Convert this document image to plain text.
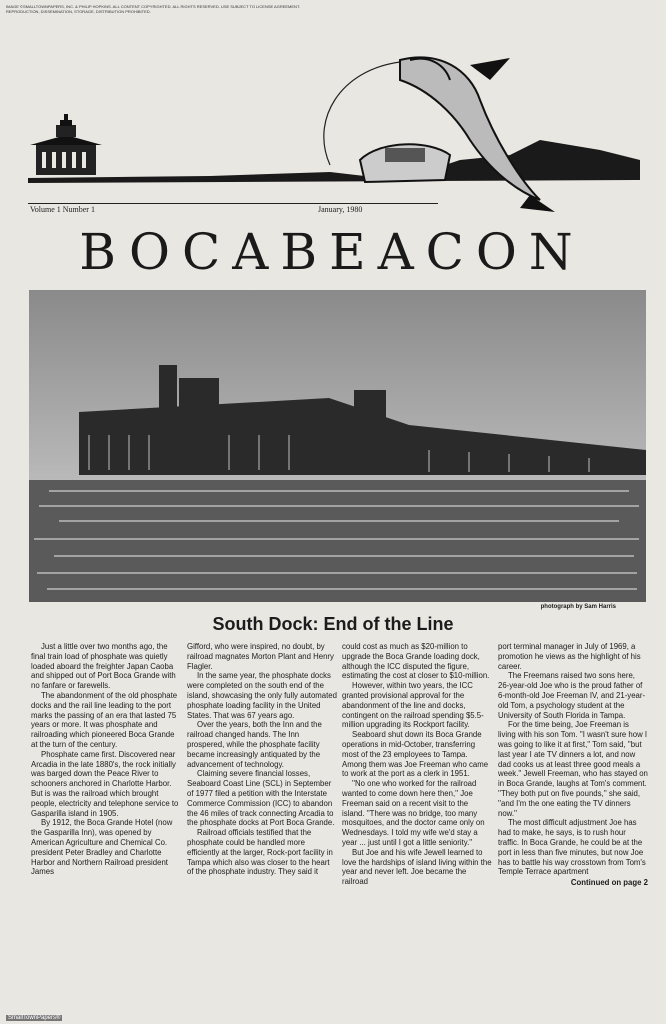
IMAGE ©SMALLTOWNPAPERS, INC. & PHILIP HOPKINS. ALL CONTENT COPYRIGHTED. ALL RIGHTS RESERVED. USE SUBJECT TO LICENSE AGREEMENT. REPRODUCTION, DISSEMINATION, STORAGE, DISTRIBUTION PROHIBITED.
Volume 1 Number 1	January, 1980
BOCABEACON
photograph by Sam Harris
South Dock: End of the Line

Just a little over two months ago, the final train load of phosphate was quietly loaded aboard the freighter Japan Caoba and shipped out of Port Boca Grande with no fanfare or farewells.

The abandonment of the old phosphate docks and the rail line leading to the port marks the passing of an era that lasted 75 years or more. It was phosphate and railroading which pioneered Boca Grande at the turn of the century.

Phosphate came first. Discovered near Arcadia in the late 1880's, the rock initially was barged down the Peace River to schooners anchored in Charlotte Harbor. But is was the railroad which brought people, electricity and telephone service to Gasparilla island in 1905.

By 1912, the Boca Grande Hotel (now the Gasparilla Inn), was opened by American Agriculture and Chemical Co. president Peter Bradley and Charlotte Harbor and Northern Railroad president James

Gifford, who were inspired, no doubt, by railroad magnates Morton Plant and Henry Flagler.

In the same year, the phosphate docks were completed on the south end of the island, showcasing the only fully automated phosphate loading facility in the United States. That was 67 years ago.

Over the years, both the Inn and the railroad changed hands. The Inn prospered, while the phosphate facility became increasingly antiquated by the advancement of technology.

Claiming severe financial losses, Seaboard Coast Line (SCL) in September of 1977 filed a petition with the Interstate Commerce Commission (ICC) to abandon the 46 miles of track connecting Arcadia to the phosphate docks at Port Boca Grande.

Railroad officials testified that the phosphate could be handled more efficiently at the larger, Rock-port facility in Tampa which also was closer to the heart of the phosphate industry. They said it

could cost as much as $20-million to upgrade the Boca Grande loading dock, although the ICC disputed the figure, estimating the cost at closer to $10-million.

However, within two years, the ICC granted provisional approval for the abandonment of the line and docks, contingent on the railroad spending $5.5-million upgrading its Rockport facility.

Seaboard shut down its Boca Grande operations in mid-October, transferring most of the 23 employees to Tampa. Among them was Joe Freeman who came to work at the port as a clerk in 1951.

''No one who worked for the railroad wanted to come down here then,'' Joe Freeman said on a recent visit to the island. ''There was no bridge, too many mosquitoes, and the doctor came only on Wednesdays. I told my wife we'd stay a year ... just until I got a little seniority.''

But Joe and his wife Jewell learned to love the hardships of island living within the year and never left. Joe became the railroad

port terminal manager in July of 1969, a promotion he views as the highlight of his career.

The Freemans raised two sons here, 26-year-old Joe who is the proud father of 6-month-old Joe Freeman IV, and 21-year-old Tom, a psychology student at the University of South Florida in Tampa.

For the time being, Joe Freeman is living with his son Tom. ''I wasn't sure how I was going to like it at first,'' Tom said, ''but last year I ate TV dinners a lot, and now dad cooks us at least three good meals a week.'' Jewell Freeman, who has stayed on in Boca Grande, laughs at Tom's comment. ''They both put on five pounds,'' she said, ''and I'm the one eating the TV dinners now.''

The most difficult adjustment Joe has had to make, he says, is to rush hour traffic. In Boca Grande, he could be at the port in less than five minutes, but now Joe has to battle his way crosstown from Tom's Temple Terrace apartment

Continued on page 2
SmallTownPapers®
